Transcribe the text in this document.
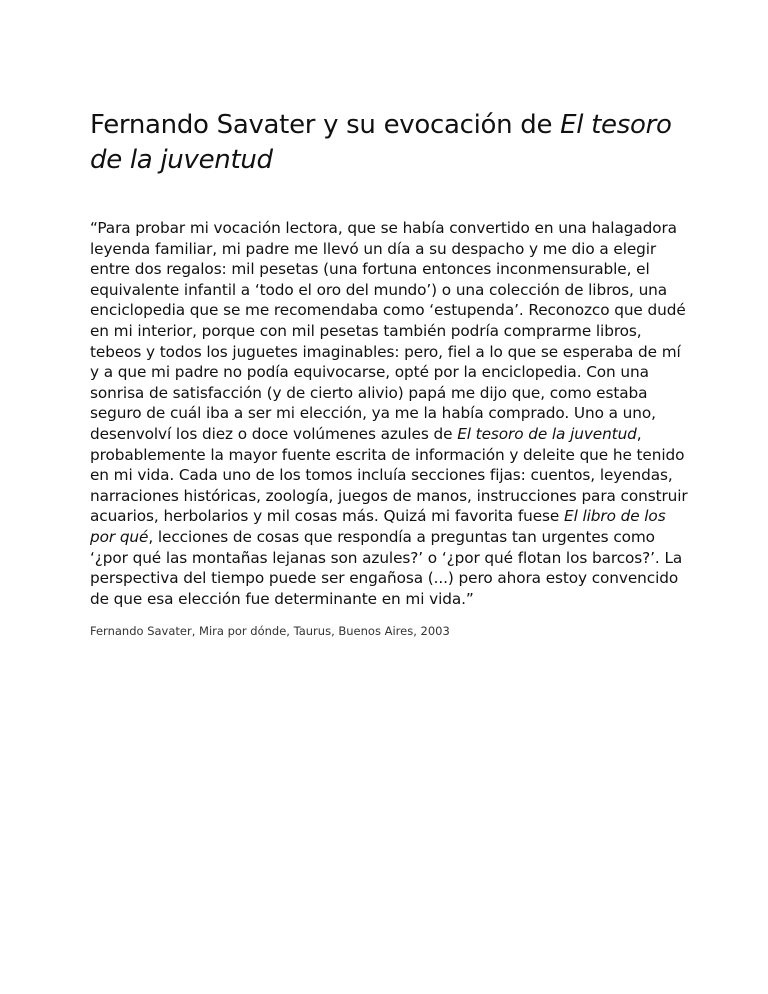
Fernando Savater y su evocación de El tesoro de la juventud

“Para probar mi vocación lectora, que se había convertido en una halagadora leyenda familiar, mi padre me llevó un día a su despacho y me dio a elegir entre dos regalos: mil pesetas (una fortuna entonces inconmensurable, el equivalente infantil a ‘todo el oro del mundo’) o una colección de libros, una enciclopedia que se me recomendaba como ‘estupenda’. Reconozco que dudé en mi interior, porque con mil pesetas también podría comprarme libros, tebeos y todos los juguetes imaginables: pero, fiel a lo que se esperaba de mí y a que mi padre no podía equivocarse, opté por la enciclopedia. Con una sonrisa de satisfacción (y de cierto alivio) papá me dijo que, como estaba seguro de cuál iba a ser mi elección, ya me la había comprado. Uno a uno, desenvolví los diez o doce volúmenes azules de El tesoro de la juventud, probablemente la mayor fuente escrita de información y deleite que he tenido en mi vida. Cada uno de los tomos incluía secciones fijas: cuentos, leyendas, narraciones históricas, zoología, juegos de manos, instrucciones para construir acuarios, herbolarios y mil cosas más. Quizá mi favorita fuese El libro de los por qué, lecciones de cosas que respondía a preguntas tan urgentes como ‘¿por qué las montañas lejanas son azules?’ o ‘¿por qué flotan los barcos?’. La perspectiva del tiempo puede ser engañosa (...) pero ahora estoy convencido de que esa elección fue determinante en mi vida.”

Fernando Savater, Mira por dónde, Taurus, Buenos Aires, 2003
